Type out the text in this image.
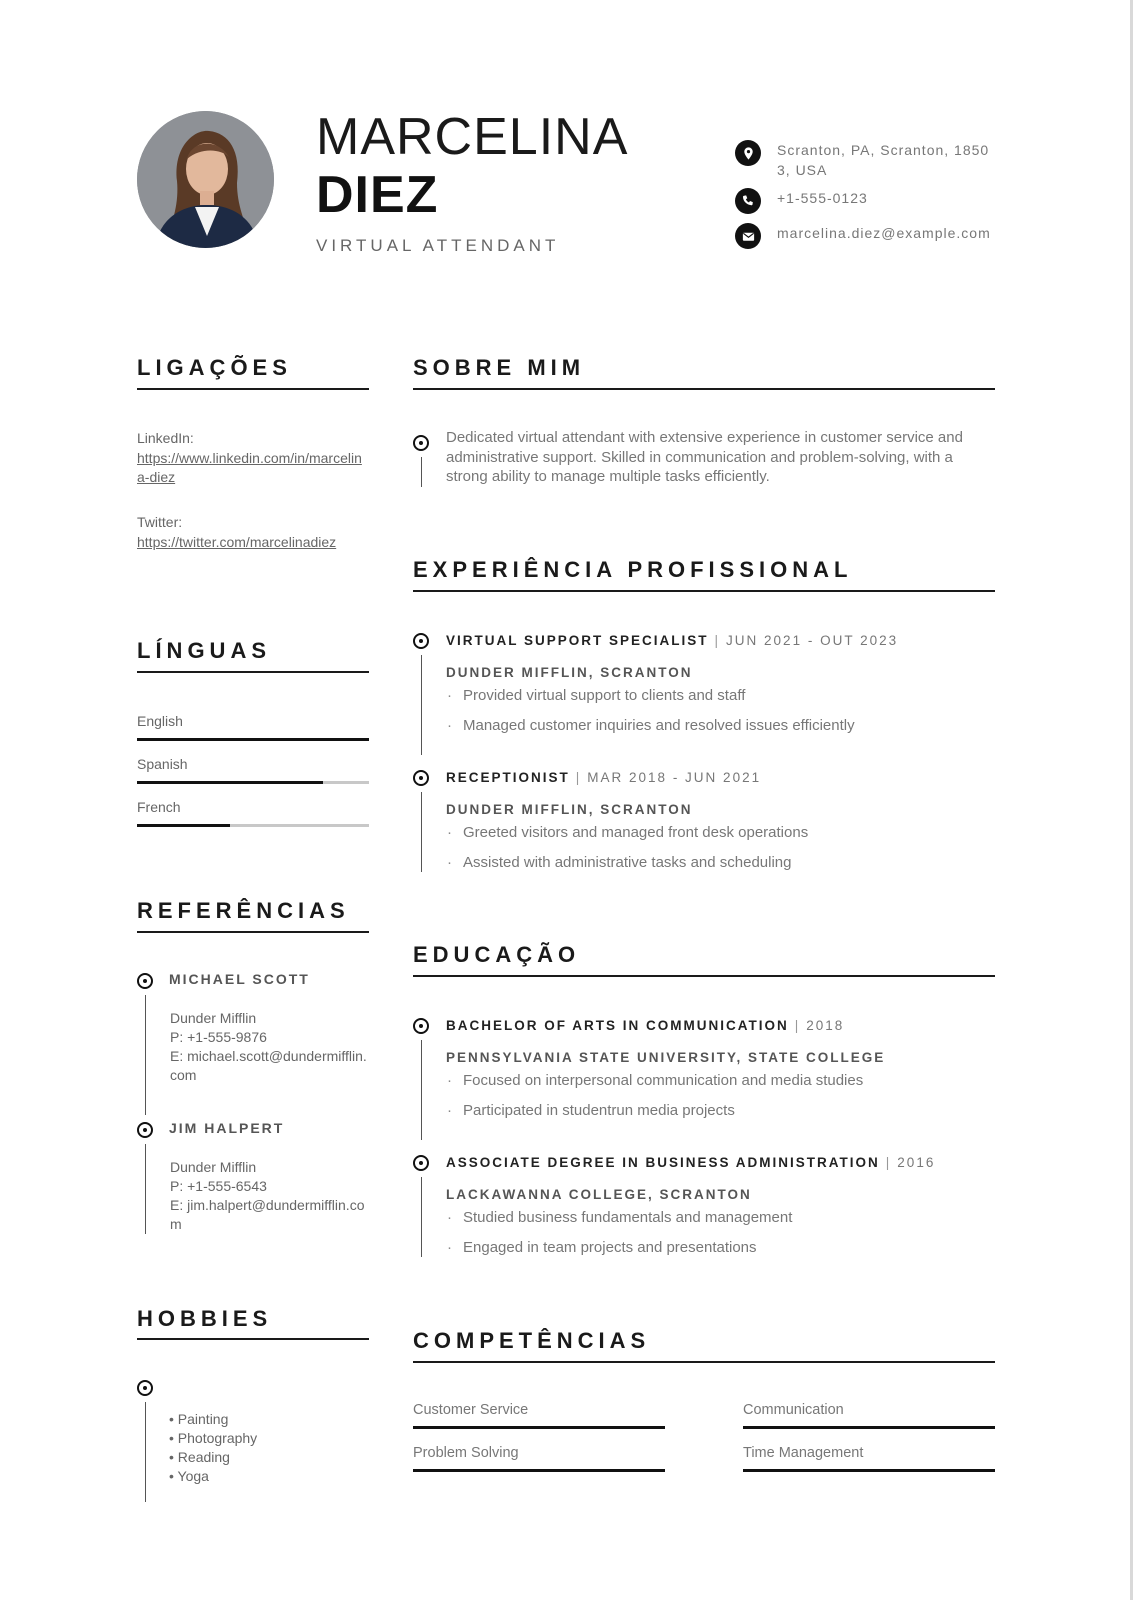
MARCELINA
DIEZ
VIRTUAL ATTENDANT
Scranton, PA, Scranton, 18503, USA
+1-555-0123
marcelina.diez@example.com
LIGAÇÕES
LinkedIn:
https://www.linkedin.com/in/marcelina-diez
Twitter:
https://twitter.com/marcelinadiez
LÍNGUAS
English
Spanish
French
REFERÊNCIAS
MICHAEL SCOTT
Dunder Mifflin
P: +1-555-9876
E: michael.scott@dundermifflin.com
JIM HALPERT
Dunder Mifflin
P: +1-555-6543
E: jim.halpert@dundermifflin.com
HOBBIES
• Painting
• Photography
• Reading
• Yoga
SOBRE MIM
Dedicated virtual attendant with extensive experience in customer service and administrative support. Skilled in communication and problem-solving, with a strong ability to manage multiple tasks efficiently.
EXPERIÊNCIA PROFISSIONAL
VIRTUAL SUPPORT SPECIALIST | JUN 2021 - OUT 2023
DUNDER MIFFLIN, SCRANTON
· Provided virtual support to clients and staff
· Managed customer inquiries and resolved issues efficiently
RECEPTIONIST | MAR 2018 - JUN 2021
DUNDER MIFFLIN, SCRANTON
· Greeted visitors and managed front desk operations
· Assisted with administrative tasks and scheduling
EDUCAÇÃO
BACHELOR OF ARTS IN COMMUNICATION | 2018
PENNSYLVANIA STATE UNIVERSITY, STATE COLLEGE
· Focused on interpersonal communication and media studies
· Participated in studentrun media projects
ASSOCIATE DEGREE IN BUSINESS ADMINISTRATION | 2016
LACKAWANNA COLLEGE, SCRANTON
· Studied business fundamentals and management
· Engaged in team projects and presentations
COMPETÊNCIAS
Customer Service	Communication
Problem Solving	Time Management
